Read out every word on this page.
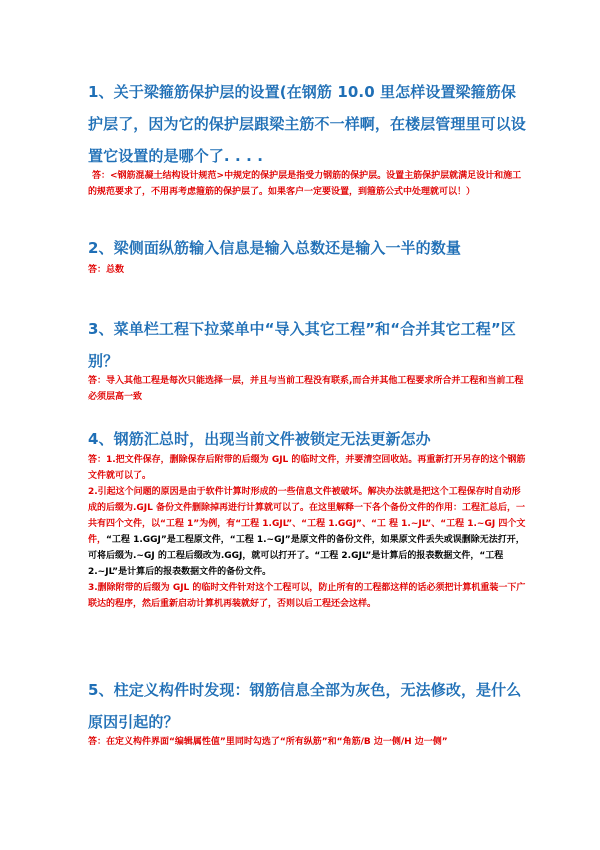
1、关于梁箍筋保护层的设置(在钢筋 10.0 里怎样设置梁箍筋保护层了，因为它的保护层跟梁主筋不一样啊，在楼层管理里可以设置它设置的是哪个了. . . .

答：<钢筋混凝土结构设计规范>中规定的保护层是指受力钢筋的保护层。设置主筋保护层就满足设计和施工的规范要求了，不用再考虑箍筋的保护层了。如果客户一定要设置，到箍筋公式中处理就可以！）

2、梁侧面纵筋输入信息是输入总数还是输入一半的数量

答：总数

3、菜单栏工程下拉菜单中“导入其它工程”和“合并其它工程”区别？

答：导入其他工程是每次只能选择一层，并且与当前工程没有联系,而合并其他工程要求所合并工程和当前工程必须层高一致

4、钢筋汇总时，出现当前文件被锁定无法更新怎办

答：1.把文件保存，删除保存后附带的后缀为 GJL 的临时文件，并要清空回收站。再重新打开另存的这个钢筋文件就可以了。

2.引起这个问题的原因是由于软件计算时形成的一些信息文件被破坏。解决办法就是把这个工程保存时自动形成的后缀为.GJL 备份文件删除掉再进行计算就可以了。在这里解释一下各个备份文件的作用：工程汇总后，一共有四个文件，以“工程 1”为例，有“工程 1.GJL”、“工程 1.GGJ”、“工 程 1.~JL”、“工程 1.~GJ 四个文件，“工程 1.GGJ”是工程原文件，“工程 1.~GJ”是原文件的备份文件，如果原文件丢失或误删除无法打开，可将后缀为.~GJ 的工程后缀改为.GGJ，就可以打开了。“工程 2.GJL”是计算后的报表数据文件，“工程 2.~JL”是计算后的报表数据文件的备份文件。

3.删除附带的后缀为 GJL 的临时文件针对这个工程可以，防止所有的工程都这样的话必须把计算机重装一下广联达的程序，然后重新启动计算机再装就好了，否则以后工程还会这样。

5、柱定义构件时发现：钢筋信息全部为灰色，无法修改，是什么原因引起的？

答：在定义构件界面“编辑属性值”里同时勾选了“所有纵筋”和“角筋/B 边一侧/H 边一侧”
